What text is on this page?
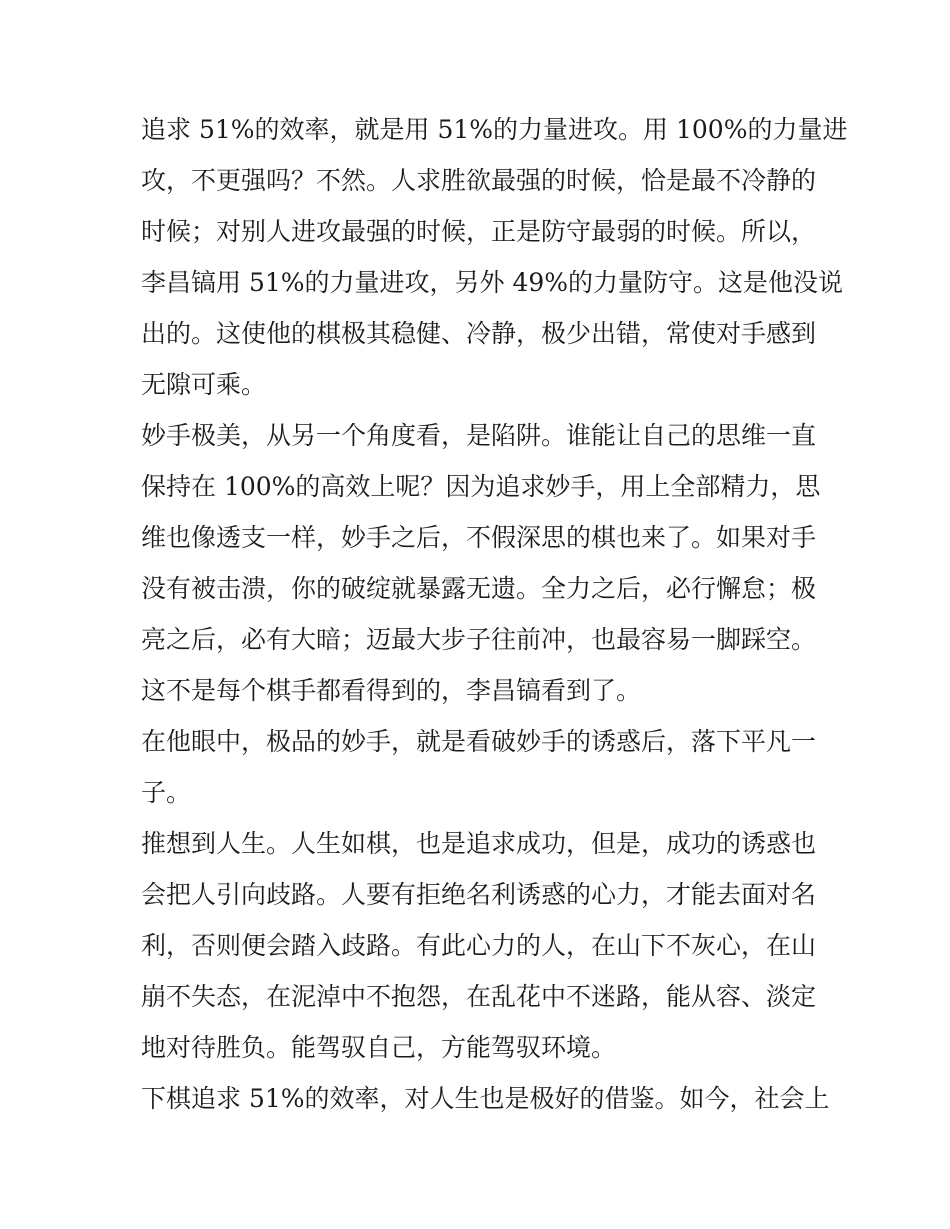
追求 51%的效率，就是用 51%的力量进攻。用 100%的力量进
攻，不更强吗？不然。人求胜欲最强的时候，恰是最不冷静的
时候；对别人进攻最强的时候，正是防守最弱的时候。所以，
李昌镐用 51%的力量进攻，另外 49%的力量防守。这是他没说
出的。这使他的棋极其稳健、冷静，极少出错，常使对手感到
无隙可乘。
妙手极美，从另一个角度看，是陷阱。谁能让自己的思维一直
保持在 100%的高效上呢？因为追求妙手，用上全部精力，思
维也像透支一样，妙手之后，不假深思的棋也来了。如果对手
没有被击溃，你的破绽就暴露无遗。全力之后，必行懈怠；极
亮之后，必有大暗；迈最大步子往前冲，也最容易一脚踩空。
这不是每个棋手都看得到的，李昌镐看到了。
在他眼中，极品的妙手，就是看破妙手的诱惑后，落下平凡一
子。
推想到人生。人生如棋，也是追求成功，但是，成功的诱惑也
会把人引向歧路。人要有拒绝名利诱惑的心力，才能去面对名
利，否则便会踏入歧路。有此心力的人，在山下不灰心，在山
崩不失态，在泥淖中不抱怨，在乱花中不迷路，能从容、淡定
地对待胜负。能驾驭自己，方能驾驭环境。
下棋追求 51%的效率，对人生也是极好的借鉴。如今，社会上
